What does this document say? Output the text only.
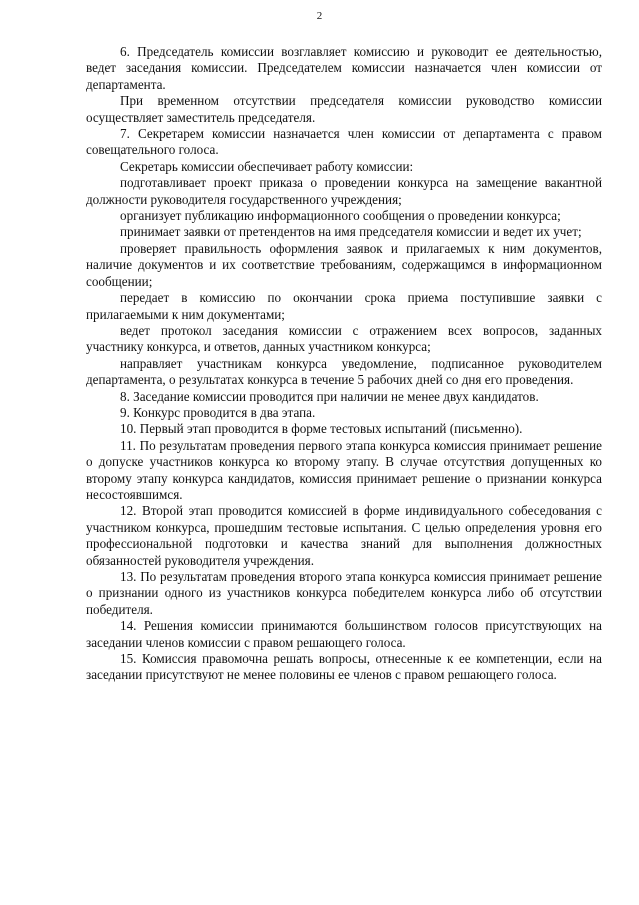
2

6. Председатель комиссии возглавляет комиссию и руководит ее деятельностью, ведет заседания комиссии. Председателем комиссии назначается член комиссии от департамента.

При временном отсутствии председателя комиссии руководство комиссии осуществляет заместитель председателя.

7. Секретарем комиссии назначается член комиссии от департамента с правом совещательного голоса.

Секретарь комиссии обеспечивает работу комиссии:

подготавливает проект приказа о проведении конкурса на замещение вакантной должности руководителя государственного учреждения;

организует публикацию информационного сообщения о проведении конкурса;

принимает заявки от претендентов на имя председателя комиссии и ведет их учет;

проверяет правильность оформления заявок и прилагаемых к ним документов, наличие документов и их соответствие требованиям, содержащимся в информационном сообщении;

передает в комиссию по окончании срока приема поступившие заявки с прилагаемыми к ним документами;

ведет протокол заседания комиссии с отражением всех вопросов, заданных участнику конкурса, и ответов, данных участником конкурса;

направляет участникам конкурса уведомление, подписанное руководителем департамента, о результатах конкурса в течение 5 рабочих дней со дня его проведения.

8. Заседание комиссии проводится при наличии не менее двух кандидатов.

9. Конкурс проводится в два этапа.

10. Первый этап проводится в форме тестовых испытаний (письменно).

11. По результатам проведения первого этапа конкурса комиссия принимает решение о допуске участников конкурса ко второму этапу. В случае отсутствия допущенных ко второму этапу конкурса кандидатов, комиссия принимает решение о признании конкурса несостоявшимся.

12. Второй этап проводится комиссией в форме индивидуального собеседования с участником конкурса, прошедшим тестовые испытания. С целью определения уровня его профессиональной подготовки и качества знаний для выполнения должностных обязанностей руководителя учреждения.

13. По результатам проведения второго этапа конкурса комиссия принимает решение о признании одного из участников конкурса победителем конкурса либо об отсутствии победителя.

14. Решения комиссии принимаются большинством голосов присутствующих на заседании членов комиссии с правом решающего голоса.

15. Комиссия правомочна решать вопросы, отнесенные к ее компетенции, если на заседании присутствуют не менее половины ее членов с правом решающего голоса.
